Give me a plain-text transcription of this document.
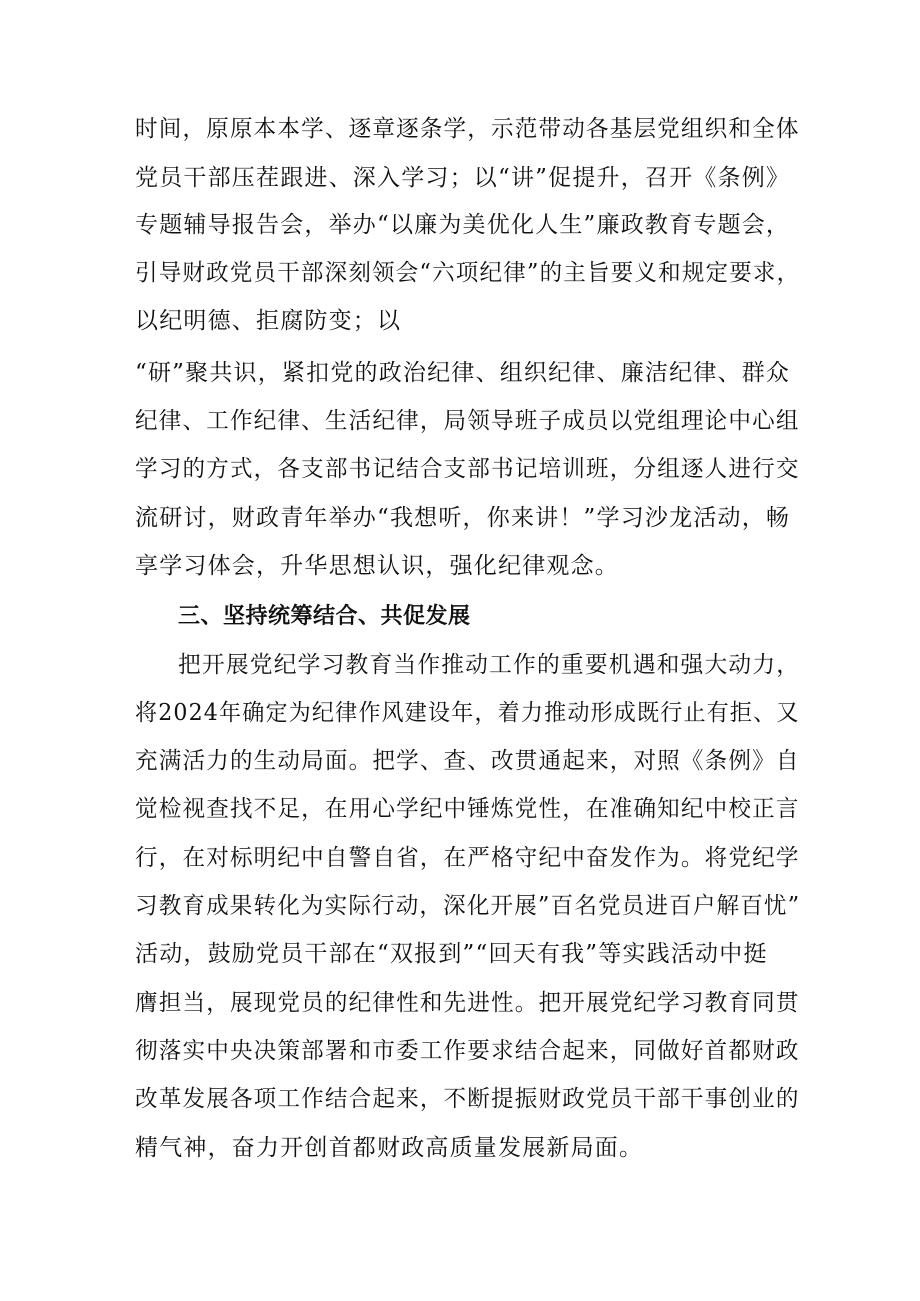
时间，原原本本学、逐章逐条学，示范带动各基层党组织和全体
党员干部压茬跟进、深入学习；以“讲”促提升，召开《条例》
专题辅导报告会，举办“以廉为美优化人生”廉政教育专题会，
引导财政党员干部深刻领会“六项纪律”的主旨要义和规定要求，
以纪明德、拒腐防变；以
“研”聚共识，紧扣党的政治纪律、组织纪律、廉洁纪律、群众
纪律、工作纪律、生活纪律，局领导班子成员以党组理论中心组
学习的方式，各支部书记结合支部书记培训班，分组逐人进行交
流研讨，财政青年举办“我想听，你来讲！”学习沙龙活动，畅
享学习体会，升华思想认识，强化纪律观念。
三、坚持统筹结合、共促发展
把开展党纪学习教育当作推动工作的重要机遇和强大动力，
将2024年确定为纪律作风建设年，着力推动形成既行止有拒、又
充满活力的生动局面。把学、查、改贯通起来，对照《条例》自
觉检视查找不足，在用心学纪中锤炼党性，在准确知纪中校正言
行，在对标明纪中自警自省，在严格守纪中奋发作为。将党纪学
习教育成果转化为实际行动，深化开展”百名党员进百户解百忧”
活动，鼓励党员干部在“双报到”“回天有我”等实践活动中挺
膺担当，展现党员的纪律性和先进性。把开展党纪学习教育同贯
彻落实中央决策部署和市委工作要求结合起来，同做好首都财政
改革发展各项工作结合起来，不断提振财政党员干部干事创业的
精气神，奋力开创首都财政高质量发展新局面。
